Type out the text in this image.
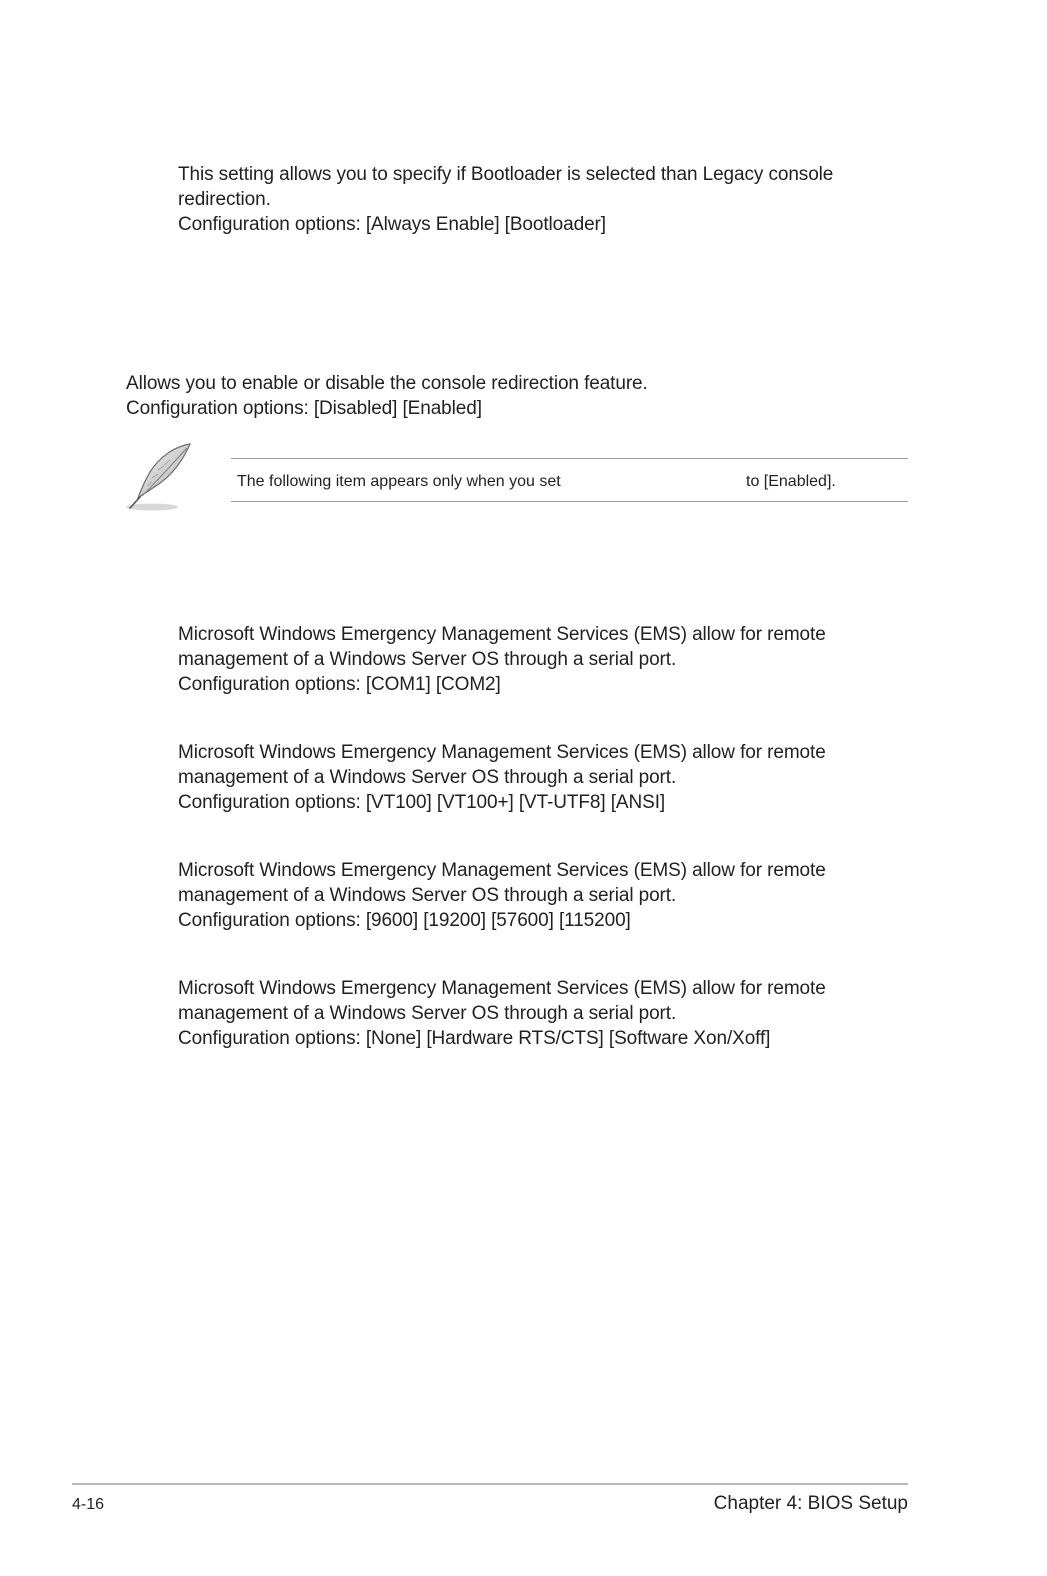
This setting allows you to specify if Bootloader is selected than Legacy console
redirection.
Configuration options: [Always Enable] [Bootloader]
Allows you to enable or disable the console redirection feature.
Configuration options: [Disabled] [Enabled]
The following item appears only when you set	to [Enabled].
Microsoft Windows Emergency Management Services (EMS) allow for remote
management of a Windows Server OS through a serial port.
Configuration options: [COM1] [COM2]
Microsoft Windows Emergency Management Services (EMS) allow for remote
management of a Windows Server OS through a serial port.
Configuration options: [VT100] [VT100+] [VT-UTF8] [ANSI]
Microsoft Windows Emergency Management Services (EMS) allow for remote
management of a Windows Server OS through a serial port.
Configuration options: [9600] [19200] [57600] [115200]
Microsoft Windows Emergency Management Services (EMS) allow for remote
management of a Windows Server OS through a serial port.
Configuration options: [None] [Hardware RTS/CTS] [Software Xon/Xoff]
4-16	Chapter 4: BIOS Setup
